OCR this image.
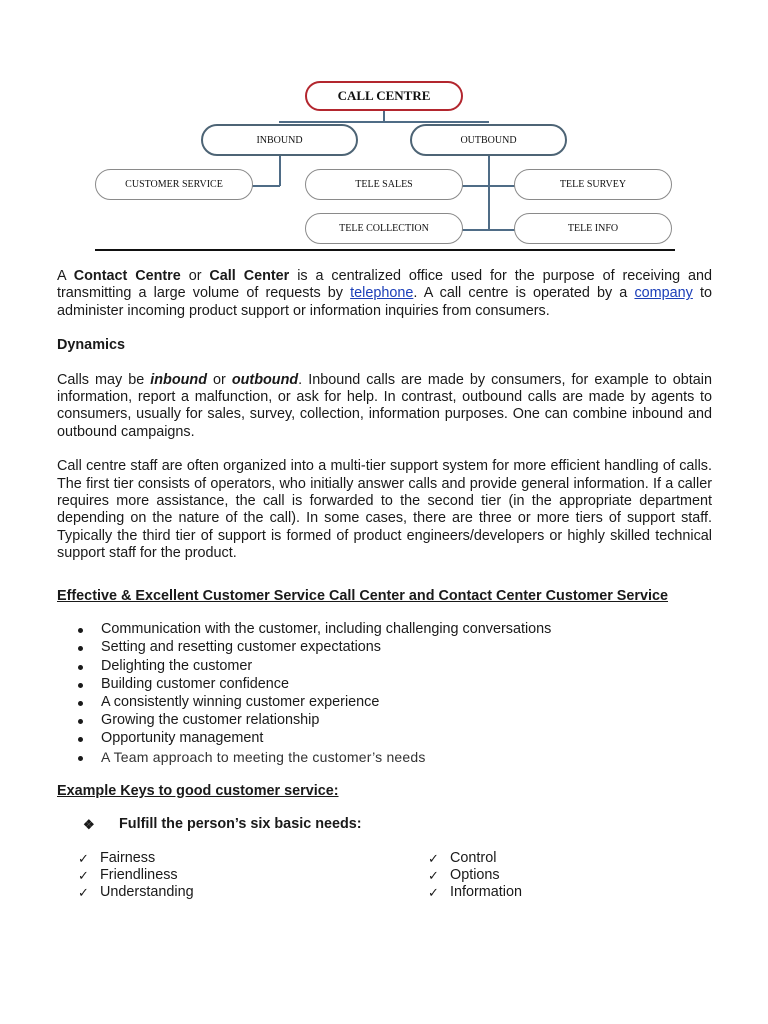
CALL CENTRE
INBOUND	OUTBOUND
CUSTOMER SERVICE	TELE SALES	TELE SURVEY
TELE COLLECTION	TELE INFO

A Contact Centre or Call Center is a centralized office used for the purpose of receiving and transmitting a large volume of requests by telephone. A call centre is operated by a company to administer incoming product support or information inquiries from consumers.

Dynamics

Calls may be inbound or outbound. Inbound calls are made by consumers, for example to obtain information, report a malfunction, or ask for help. In contrast, outbound calls are made by agents to consumers, usually for sales, survey, collection, information purposes. One can combine inbound and outbound campaigns.

Call centre staff are often organized into a multi-tier support system for more efficient handling of calls. The first tier consists of operators, who initially answer calls and provide general information. If a caller requires more assistance, the call is forwarded to the second tier (in the appropriate department depending on the nature of the call). In some cases, there are three or more tiers of support staff. Typically the third tier of support is formed of product engineers/developers or highly skilled technical support staff for the product.

Effective & Excellent Customer Service Call Center and Contact Center Customer Service

Communication with the customer, including challenging conversations
Setting and resetting customer expectations
Delighting the customer
Building customer confidence
A consistently winning customer experience
Growing the customer relationship
Opportunity management
A Team approach to meeting the customer’s needs

Example Keys to good customer service:

❖	Fulfill the person’s six basic needs:
✓ Fairness
✓ Friendliness
✓ Understanding
✓ Control
✓ Options
✓ Information
